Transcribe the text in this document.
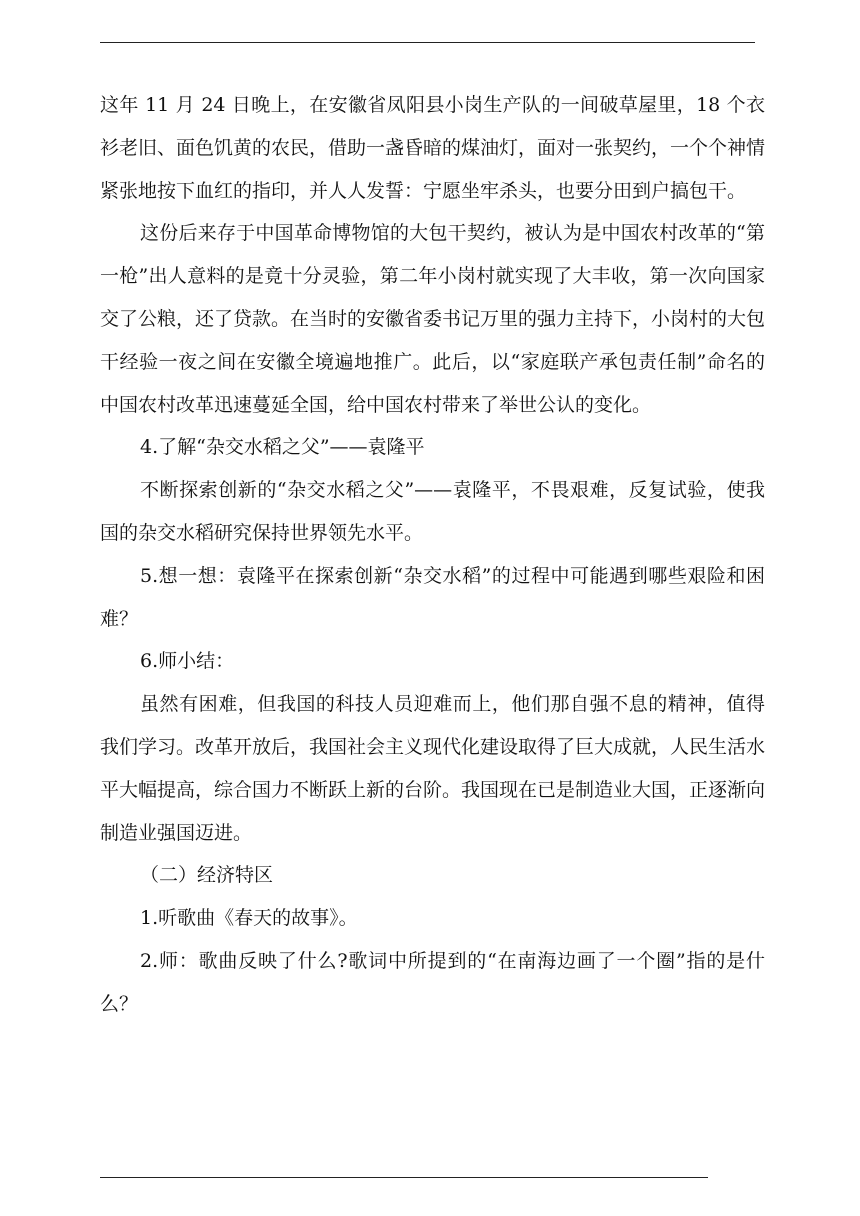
这年 11 月 24 日晚上，在安徽省凤阳县小岗生产队的一间破草屋里，18 个衣衫老旧、面色饥黄的农民，借助一盏昏暗的煤油灯，面对一张契约，一个个神情紧张地按下血红的指印，并人人发誓：宁愿坐牢杀头，也要分田到户搞包干。

这份后来存于中国革命博物馆的大包干契约，被认为是中国农村改革的“第一枪”出人意料的是竟十分灵验，第二年小岗村就实现了大丰收，第一次向国家交了公粮，还了贷款。在当时的安徽省委书记万里的强力主持下，小岗村的大包干经验一夜之间在安徽全境遍地推广。此后，以“家庭联产承包责任制”命名的中国农村改革迅速蔓延全国，给中国农村带来了举世公认的变化。

4.了解“杂交水稻之父”——袁隆平

不断探索创新的“杂交水稻之父”——袁隆平，不畏艰难，反复试验，使我国的杂交水稻研究保持世界领先水平。

5.想一想：袁隆平在探索创新“杂交水稻”的过程中可能遇到哪些艰险和困难？

6.师小结：

虽然有困难，但我国的科技人员迎难而上，他们那自强不息的精神，值得我们学习。改革开放后，我国社会主义现代化建设取得了巨大成就，人民生活水平大幅提高，综合国力不断跃上新的台阶。我国现在已是制造业大国，正逐渐向制造业强国迈进。

（二）经济特区

1.听歌曲《春天的故事》。

2.师：歌曲反映了什么?歌词中所提到的“在南海边画了一个圈”指的是什么？
